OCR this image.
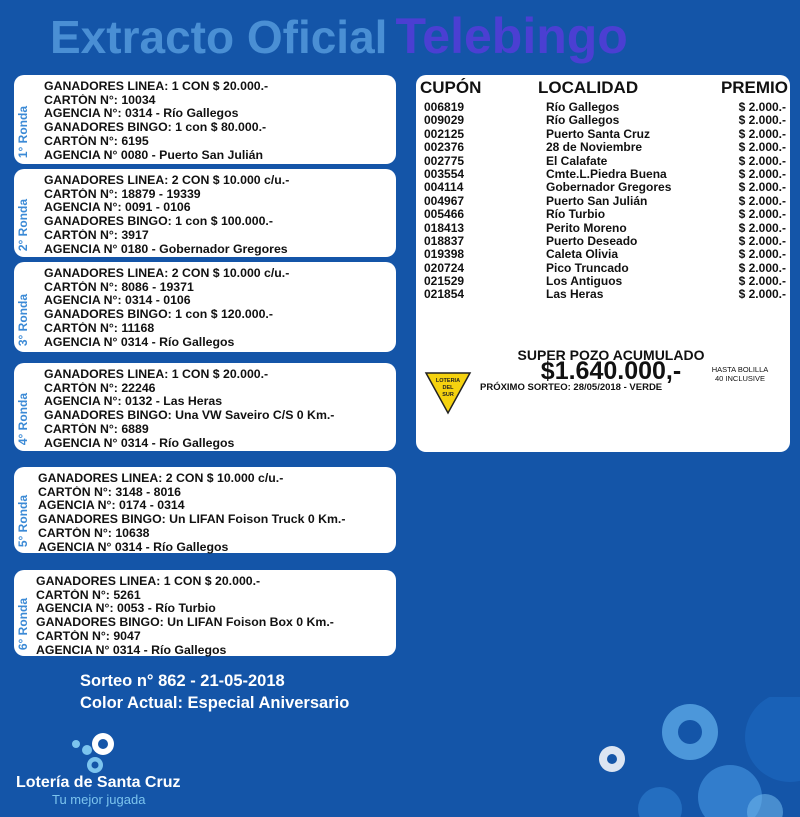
Extracto Oficial Telebingo
GANADORES LINEA: 1 CON $ 20.000.-
CARTÓN N°: 10034
AGENCIA N°: 0314 - Río Gallegos
GANADORES BINGO: 1 con $ 80.000.-
CARTÓN N°: 6195
AGENCIA N° 0080 - Puerto San Julián
1° Ronda
GANADORES LINEA: 2 CON $ 10.000 c/u.-
CARTÓN N°: 18879 - 19339
AGENCIA N°: 0091 - 0106
GANADORES BINGO: 1 con $ 100.000.-
CARTÓN N°: 3917
AGENCIA N° 0180 - Gobernador Gregores
2° Ronda
GANADORES LINEA: 2 CON $ 10.000 c/u.-
CARTÓN N°: 8086 - 19371
AGENCIA N°: 0314 - 0106
GANADORES BINGO: 1 con $ 120.000.-
CARTÓN N°: 11168
AGENCIA N° 0314 - Río Gallegos
3° Ronda
GANADORES LINEA: 1 CON $ 20.000.-
CARTÓN N°: 22246
AGENCIA N°: 0132 - Las Heras
GANADORES BINGO: Una VW Saveiro C/S 0 Km.-
CARTÓN N°: 6889
AGENCIA N° 0314 - Río Gallegos
4° Ronda
GANADORES LINEA: 2 CON $ 10.000 c/u.-
CARTÓN N°: 3148 - 8016
AGENCIA N°: 0174 - 0314
GANADORES BINGO: Un LIFAN Foison Truck 0 Km.-
CARTÓN N°: 10638
AGENCIA N° 0314 - Río Gallegos
5° Ronda
GANADORES LINEA: 1 CON $ 20.000.-
CARTÓN N°: 5261
AGENCIA N°: 0053 - Río Turbio
GANADORES BINGO: Un LIFAN Foison Box 0 Km.-
CARTÓN N°: 9047
AGENCIA N° 0314 - Río Gallegos
6° Ronda
CUPÓN	LOCALIDAD	PREMIO
006819	Río Gallegos	$ 2.000.-
009029	Río Gallegos	$ 2.000.-
002125	Puerto Santa Cruz	$ 2.000.-
002376	28 de Noviembre	$ 2.000.-
002775	El Calafate	$ 2.000.-
003554	Cmte.L.Piedra Buena	$ 2.000.-
004114	Gobernador Gregores	$ 2.000.-
004967	Puerto San Julián	$ 2.000.-
005466	Río Turbio	$ 2.000.-
018413	Perito Moreno	$ 2.000.-
018837	Puerto Deseado	$ 2.000.-
019398	Caleta Olivia	$ 2.000.-
020724	Pico Truncado	$ 2.000.-
021529	Los Antiguos	$ 2.000.-
021854	Las Heras	$ 2.000.-
SUPER POZO ACUMULADO
$1.640.000,-
PRÓXIMO SORTEO: 28/05/2018 - VERDE
HASTA BOLILLA
40 INCLUSIVE
LOTERIA
DEL
SUR
Sorteo n° 862 - 21-05-2018
Color Actual: Especial Aniversario
Lotería de Santa Cruz
Tu mejor jugada
